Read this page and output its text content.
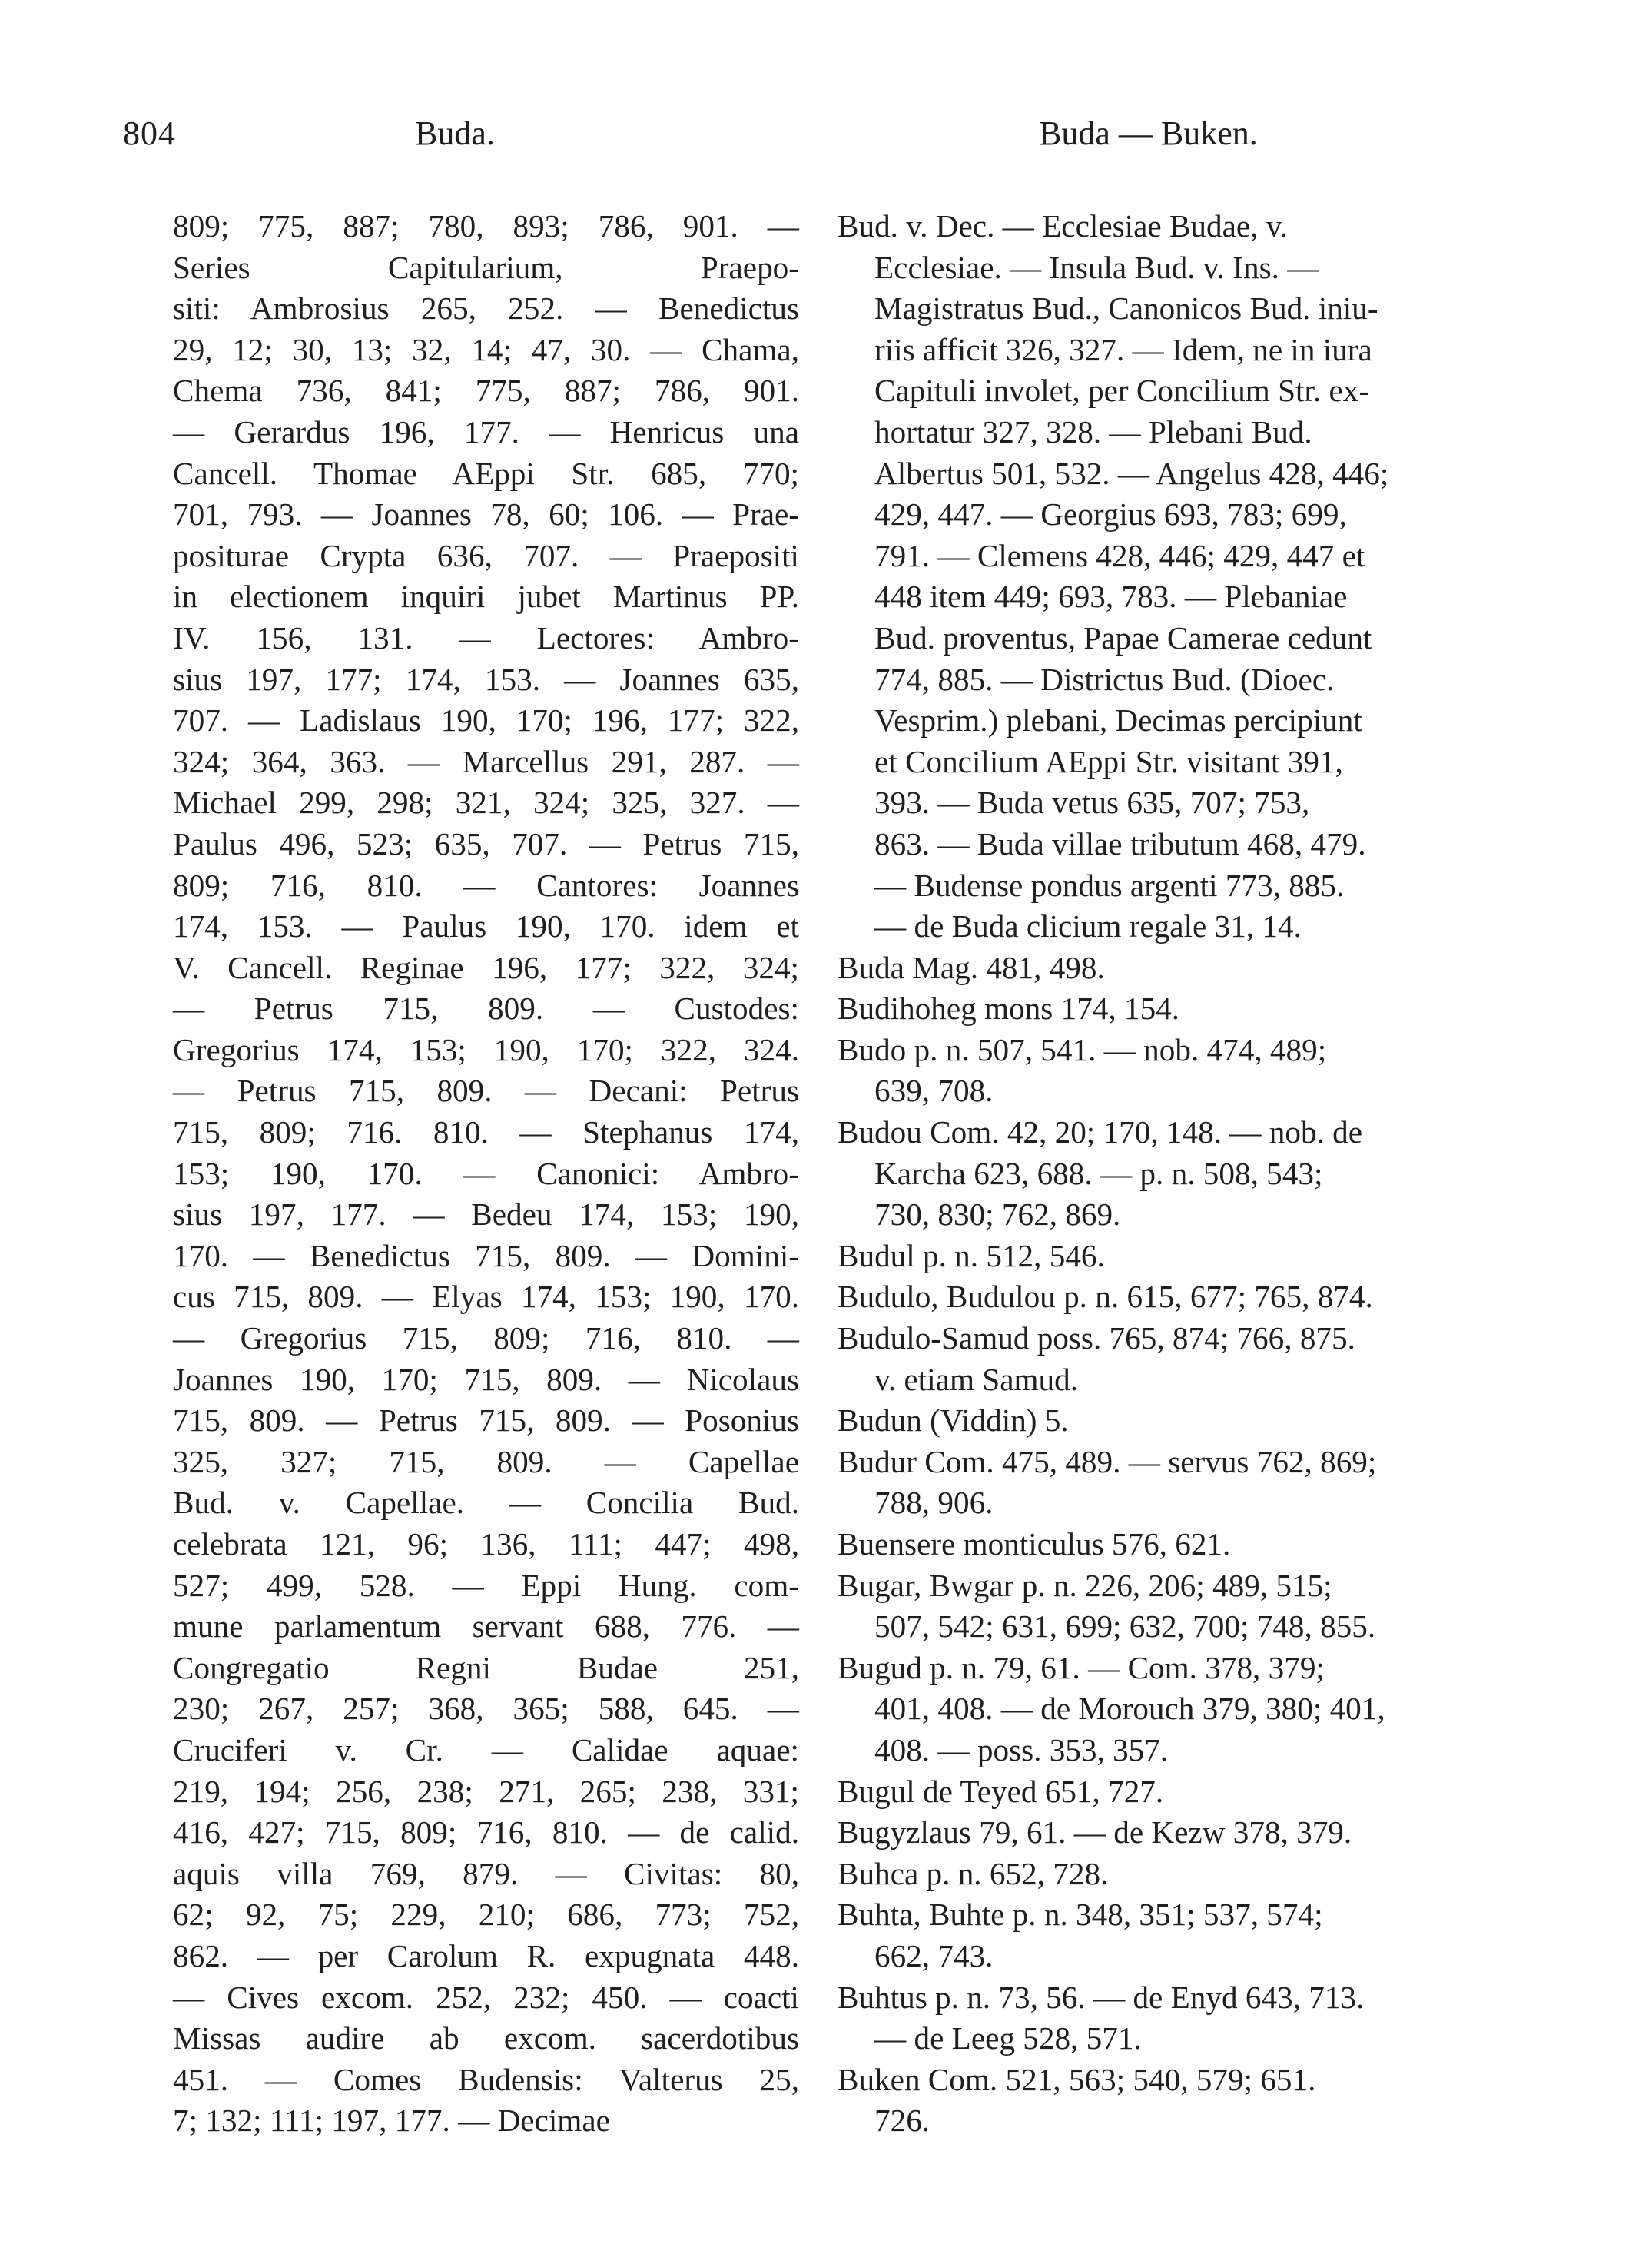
804	Buda.	Buda — Buken.
809; 775, 887; 780, 893; 786, 901. —
Series Capitularium, Praepo-
siti: Ambrosius 265, 252. — Benedictus
29, 12; 30, 13; 32, 14; 47, 30. — Chama,
Chema 736, 841; 775, 887; 786, 901.
— Gerardus 196, 177. — Henricus una
Cancell. Thomae AEppi Str. 685, 770;
701, 793. — Joannes 78, 60; 106. — Prae-
positurae Crypta 636, 707. — Praepositi
in electionem inquiri jubet Martinus PP.
IV. 156, 131. — Lectores: Ambro-
sius 197, 177; 174, 153. — Joannes 635,
707. — Ladislaus 190, 170; 196, 177; 322,
324; 364, 363. — Marcellus 291, 287. —
Michael 299, 298; 321, 324; 325, 327. —
Paulus 496, 523; 635, 707. — Petrus 715,
809; 716, 810. — Cantores: Joannes
174, 153. — Paulus 190, 170. idem et
V. Cancell. Reginae 196, 177; 322, 324;
— Petrus 715, 809. — Custodes:
Gregorius 174, 153; 190, 170; 322, 324.
— Petrus 715, 809. — Decani: Petrus
715, 809; 716. 810. — Stephanus 174,
153; 190, 170. — Canonici: Ambro-
sius 197, 177. — Bedeu 174, 153; 190,
170. — Benedictus 715, 809. — Domini-
cus 715, 809. — Elyas 174, 153; 190, 170.
— Gregorius 715, 809; 716, 810. —
Joannes 190, 170; 715, 809. — Nicolaus
715, 809. — Petrus 715, 809. — Posonius
325, 327; 715, 809. — Capellae
Bud. v. Capellae. — Concilia Bud.
celebrata 121, 96; 136, 111; 447; 498,
527; 499, 528. — Eppi Hung. com-
mune parlamentum servant 688, 776. —
Congregatio Regni Budae 251,
230; 267, 257; 368, 365; 588, 645. —
Cruciferi v. Cr. — Calidae aquae:
219, 194; 256, 238; 271, 265; 238, 331;
416, 427; 715, 809; 716, 810. — de calid.
aquis villa 769, 879. — Civitas: 80,
62; 92, 75; 229, 210; 686, 773; 752,
862. — per Carolum R. expugnata 448.
— Cives excom. 252, 232; 450. — coacti
Missas audire ab excom. sacerdotibus
451. — Comes Budensis: Valterus 25,
7; 132; 111; 197, 177. — Decimae
Bud. v. Dec. — Ecclesiae Budae, v.
Ecclesiae. — Insula Bud. v. Ins. —
Magistratus Bud., Canonicos Bud. iniu-
riis afficit 326, 327. — Idem, ne in iura
Capituli involet, per Concilium Str. ex-
hortatur 327, 328. — Plebani Bud.
Albertus 501, 532. — Angelus 428, 446;
429, 447. — Georgius 693, 783; 699,
791. — Clemens 428, 446; 429, 447 et
448 item 449; 693, 783. — Plebaniae
Bud. proventus, Papae Camerae cedunt
774, 885. — Districtus Bud. (Dioec.
Vesprim.) plebani, Decimas percipiunt
et Concilium AEppi Str. visitant 391,
393. — Buda vetus 635, 707; 753,
863. — Buda villae tributum 468, 479.
— Budense pondus argenti 773, 885.
— de Buda clicium regale 31, 14.
Buda Mag. 481, 498.
Budihoheg mons 174, 154.
Budo p. n. 507, 541. — nob. 474, 489;
639, 708.
Budou Com. 42, 20; 170, 148. — nob. de
Karcha 623, 688. — p. n. 508, 543;
730, 830; 762, 869.
Budul p. n. 512, 546.
Budulo, Budulou p. n. 615, 677; 765, 874.
Budulo-Samud poss. 765, 874; 766, 875.
v. etiam Samud.
Budun (Viddin) 5.
Budur Com. 475, 489. — servus 762, 869;
788, 906.
Buensere monticulus 576, 621.
Bugar, Bwgar p. n. 226, 206; 489, 515;
507, 542; 631, 699; 632, 700; 748, 855.
Bugud p. n. 79, 61. — Com. 378, 379;
401, 408. — de Morouch 379, 380; 401,
408. — poss. 353, 357.
Bugul de Teyed 651, 727.
Bugyzlaus 79, 61. — de Kezw 378, 379.
Buhca p. n. 652, 728.
Buhta, Buhte p. n. 348, 351; 537, 574;
662, 743.
Buhtus p. n. 73, 56. — de Enyd 643, 713.
— de Leeg 528, 571.
Buken Com. 521, 563; 540, 579; 651.
726.
